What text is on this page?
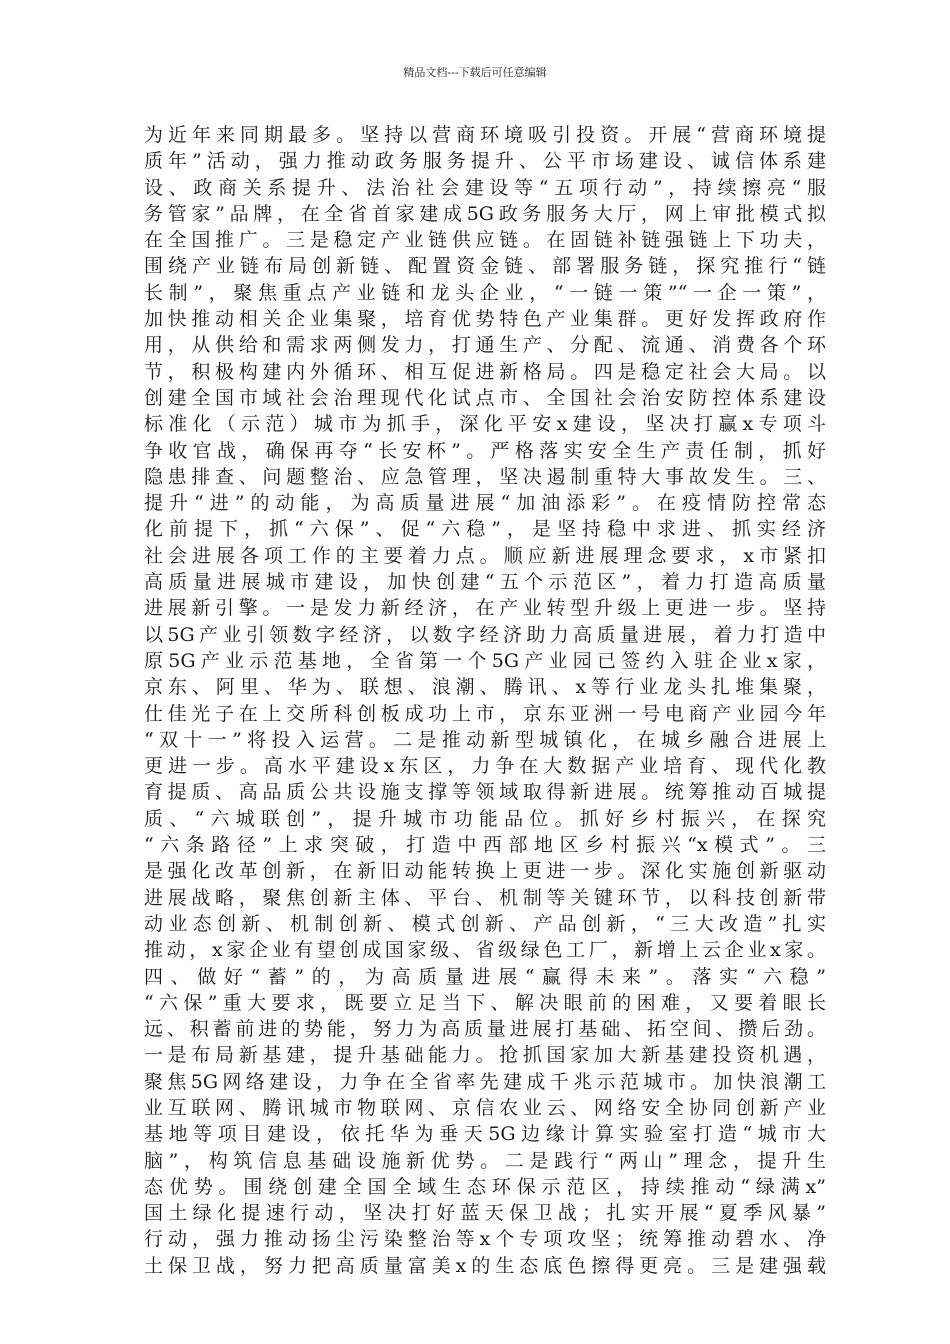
精品文档---下载后可任意编辑
为近年来同期最多。坚持以营商环境吸引投资。开展“营商环境提
质年”活动，强力推动政务服务提升、公平市场建设、诚信体系建
设、政商关系提升、法治社会建设等“五项行动”，持续擦亮“服
务管家”品牌，在全省首家建成5G政务服务大厅，网上审批模式拟
在全国推广。三是稳定产业链供应链。在固链补链强链上下功夫，
围绕产业链布局创新链、配置资金链、部署服务链，探究推行“链
长制”，聚焦重点产业链和龙头企业，“一链一策”“一企一策”，
加快推动相关企业集聚，培育优势特色产业集群。更好发挥政府作
用，从供给和需求两侧发力，打通生产、分配、流通、消费各个环
节，积极构建内外循环、相互促进新格局。四是稳定社会大局。以
创建全国市域社会治理现代化试点市、全国社会治安防控体系建设
标准化（示范）城市为抓手，深化平安x建设，坚决打赢x专项斗
争收官战，确保再夺“长安杯”。严格落实安全生产责任制，抓好
隐患排查、问题整治、应急管理，坚决遏制重特大事故发生。三、
提升“进”的动能，为高质量进展“加油添彩”。在疫情防控常态
化前提下，抓“六保”、促“六稳”，是坚持稳中求进、抓实经济
社会进展各项工作的主要着力点。顺应新进展理念要求，x市紧扣
高质量进展城市建设，加快创建“五个示范区”，着力打造高质量
进展新引擎。一是发力新经济，在产业转型升级上更进一步。坚持
以5G产业引领数字经济，以数字经济助力高质量进展，着力打造中
原5G产业示范基地，全省第一个5G产业园已签约入驻企业x家，
京东、阿里、华为、联想、浪潮、腾讯、x等行业龙头扎堆集聚，
仕佳光子在上交所科创板成功上市，京东亚洲一号电商产业园今年
“双十一”将投入运营。二是推动新型城镇化，在城乡融合进展上
更进一步。高水平建设x东区，力争在大数据产业培育、现代化教
育提质、高品质公共设施支撑等领域取得新进展。统筹推动百城提
质、“六城联创”，提升城市功能品位。抓好乡村振兴，在探究
“六条路径”上求突破，打造中西部地区乡村振兴“x模式”。三
是强化改革创新，在新旧动能转换上更进一步。深化实施创新驱动
进展战略，聚焦创新主体、平台、机制等关键环节，以科技创新带
动业态创新、机制创新、模式创新、产品创新，“三大改造”扎实
推动，x家企业有望创成国家级、省级绿色工厂，新增上云企业x家。
四、做好“蓄”的，为高质量进展“赢得未来”。落实“六稳”
“六保”重大要求，既要立足当下、解决眼前的困难，又要着眼长
远、积蓄前进的势能，努力为高质量进展打基础、拓空间、攒后劲。
一是布局新基建，提升基础能力。抢抓国家加大新基建投资机遇，
聚焦5G网络建设，力争在全省率先建成千兆示范城市。加快浪潮工
业互联网、腾讯城市物联网、京信农业云、网络安全协同创新产业
基地等项目建设，依托华为垂天5G边缘计算实验室打造“城市大
脑”，构筑信息基础设施新优势。二是践行“两山”理念，提升生
态优势。围绕创建全国全域生态环保示范区，持续推动“绿满x”
国土绿化提速行动，坚决打好蓝天保卫战；扎实开展“夏季风暴”
行动，强力推动扬尘污染整治等x个专项攻坚；统筹推动碧水、净
土保卫战，努力把高质量富美x的生态底色擦得更亮。三是建强载
